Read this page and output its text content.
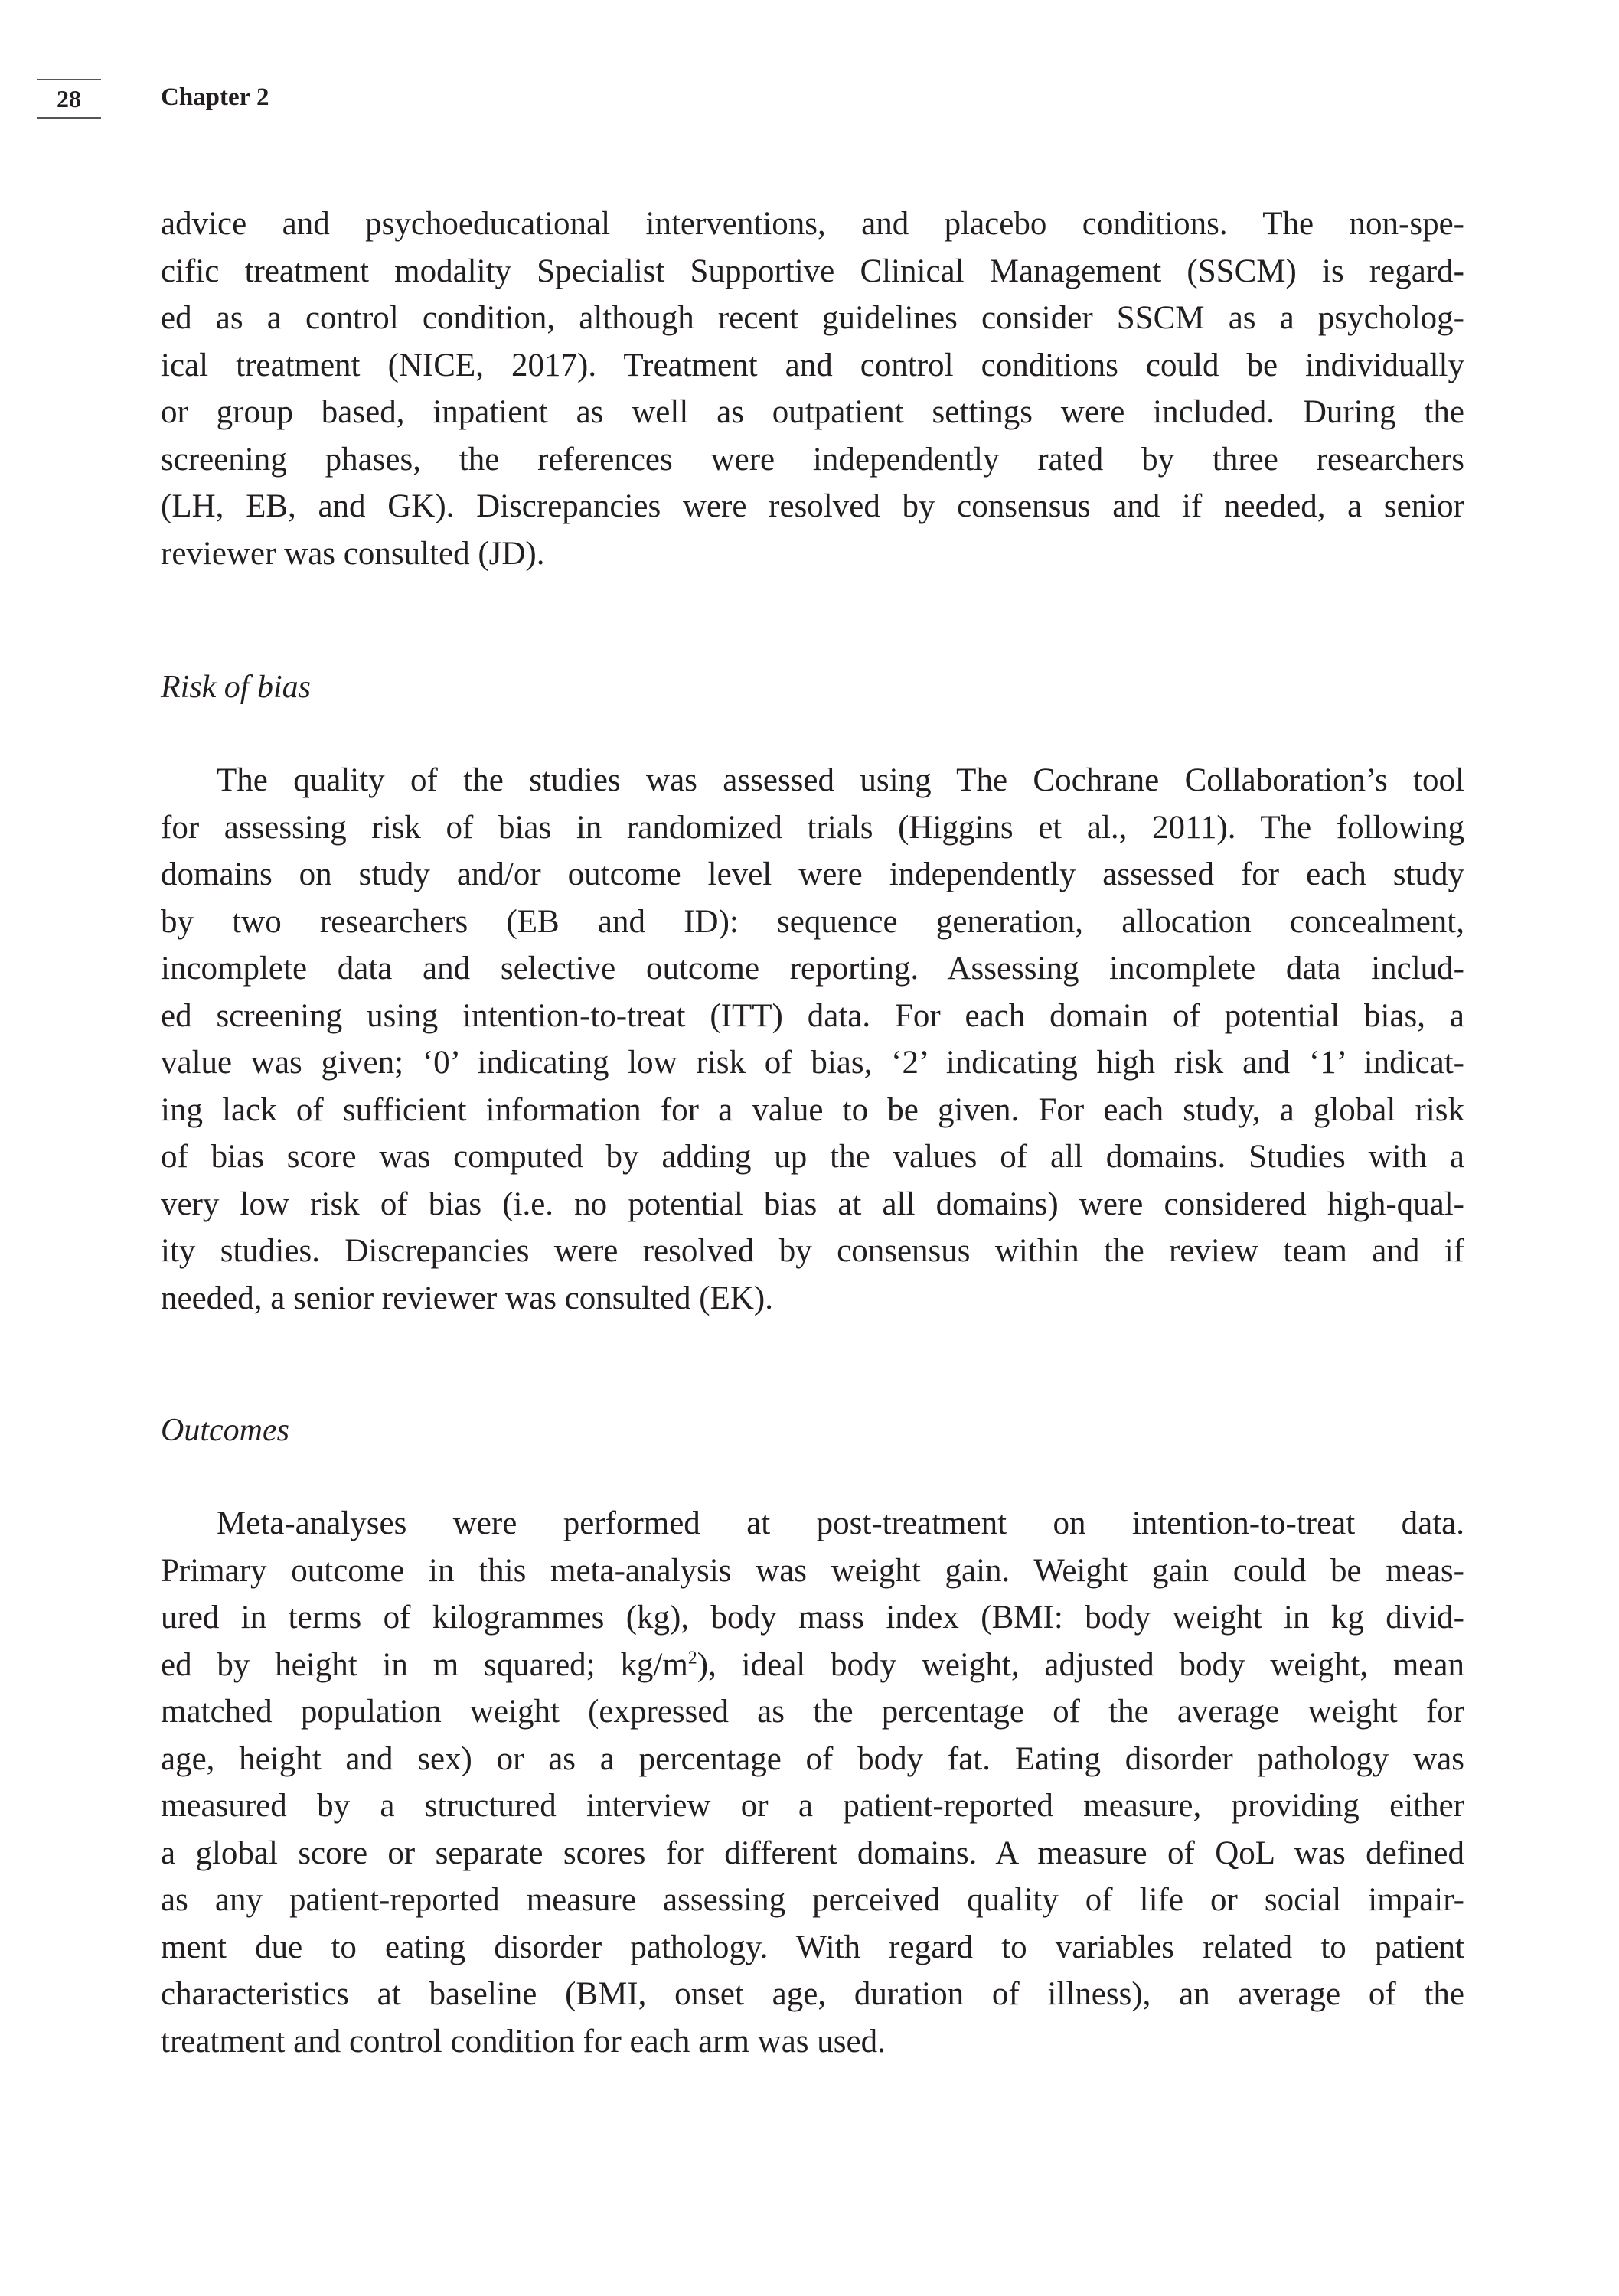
28	Chapter 2
advice and psychoeducational interventions, and placebo conditions. The non-spe-
cific treatment modality Specialist Supportive Clinical Management (SSCM) is regard-
ed as a control condition, although recent guidelines consider SSCM as a psycholog-
ical treatment (NICE, 2017). Treatment and control conditions could be individually
or group based, inpatient as well as outpatient settings were included. During the
screening phases, the references were independently rated by three researchers
(LH, EB, and GK). Discrepancies were resolved by consensus and if needed, a senior
reviewer was consulted (JD).
Risk of bias
The quality of the studies was assessed using The Cochrane Collaboration’s tool
for assessing risk of bias in randomized trials (Higgins et al., 2011). The following
domains on study and/or outcome level were independently assessed for each study
by two researchers (EB and ID): sequence generation, allocation concealment,
incomplete data and selective outcome reporting. Assessing incomplete data includ-
ed screening using intention-to-treat (ITT) data. For each domain of potential bias, a
value was given; ‘0’ indicating low risk of bias, ‘2’ indicating high risk and ‘1’ indicat-
ing lack of sufficient information for a value to be given. For each study, a global risk
of bias score was computed by adding up the values of all domains. Studies with a
very low risk of bias (i.e. no potential bias at all domains) were considered high-qual-
ity studies. Discrepancies were resolved by consensus within the review team and if
needed, a senior reviewer was consulted (EK).
Outcomes
Meta-analyses were performed at post-treatment on intention-to-treat data.
Primary outcome in this meta-analysis was weight gain. Weight gain could be meas-
ured in terms of kilogrammes (kg), body mass index (BMI: body weight in kg divid-
ed by height in m squared; $kg/m^2$), ideal body weight, adjusted body weight, mean
matched population weight (expressed as the percentage of the average weight for
age, height and sex) or as a percentage of body fat. Eating disorder pathology was
measured by a structured interview or a patient-reported measure, providing either
a global score or separate scores for different domains. A measure of QoL was defined
as any patient-reported measure assessing perceived quality of life or social impair-
ment due to eating disorder pathology. With regard to variables related to patient
characteristics at baseline (BMI, onset age, duration of illness), an average of the
treatment and control condition for each arm was used.
